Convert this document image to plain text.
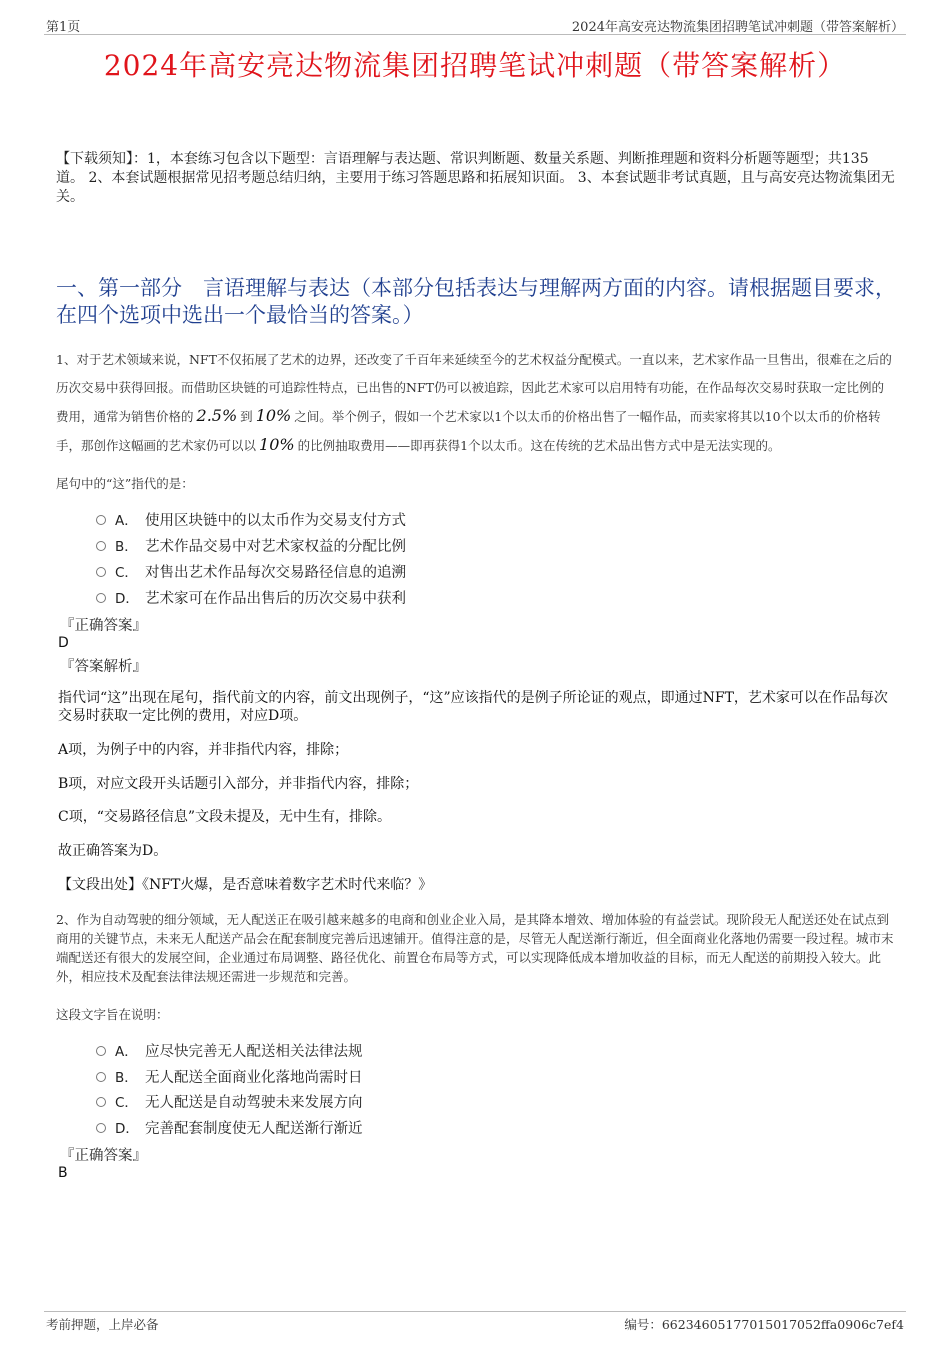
第1页	2024年高安亮达物流集团招聘笔试冲刺题（带答案解析）
2024年高安亮达物流集团招聘笔试冲刺题（带答案解析）
【下载须知】：1，本套练习包含以下题型：言语理解与表达题、常识判断题、数量关系题、判断推理题和资料分析题等题型；共135道。 2、本套试题根据常见招考题总结归纳，主要用于练习答题思路和拓展知识面。 3、本套试题非考试真题，且与高安亮达物流集团无关。
一、第一部分　言语理解与表达（本部分包括表达与理解两方面的内容。请根据题目要求，在四个选项中选出一个最恰当的答案。）
1、对于艺术领域来说，NFT不仅拓展了艺术的边界，还改变了千百年来延续至今的艺术权益分配模式。一直以来，艺术家作品一旦售出，很难在之后的历次交易中获得回报。而借助区块链的可追踪性特点，已出售的NFT仍可以被追踪，因此艺术家可以启用特有功能，在作品每次交易时获取一定比例的费用，通常为销售价格的 2.5% 到 10% 之间。举个例子，假如一个艺术家以1个以太币的价格出售了一幅作品，而卖家将其以10个以太币的价格转手，那创作这幅画的艺术家仍可以以 10% 的比例抽取费用——即再获得1个以太币。这在传统的艺术品出售方式中是无法实现的。
尾句中的“这”指代的是：
A． 使用区块链中的以太币作为交易支付方式
B． 艺术作品交易中对艺术家权益的分配比例
C． 对售出艺术作品每次交易路径信息的追溯
D． 艺术家可在作品出售后的历次交易中获利
『正确答案』
D
『答案解析』
指代词“这”出现在尾句，指代前文的内容，前文出现例子，“这”应该指代的是例子所论证的观点，即通过NFT，艺术家可以在作品每次交易时获取一定比例的费用，对应D项。
A项，为例子中的内容，并非指代内容，排除；
B项，对应文段开头话题引入部分，并非指代内容，排除；
C项，“交易路径信息”文段未提及，无中生有，排除。
故正确答案为D。
【文段出处】《NFT火爆，是否意味着数字艺术时代来临？》
2、作为自动驾驶的细分领域，无人配送正在吸引越来越多的电商和创业企业入局，是其降本增效、增加体验的有益尝试。现阶段无人配送还处在试点到商用的关键节点，未来无人配送产品会在配套制度完善后迅速铺开。值得注意的是，尽管无人配送渐行渐近，但全面商业化落地仍需要一段过程。城市末端配送还有很大的发展空间，企业通过布局调整、路径优化、前置仓布局等方式，可以实现降低成本增加收益的目标，而无人配送的前期投入较大。此外，相应技术及配套法律法规还需进一步规范和完善。
这段文字旨在说明：
A． 应尽快完善无人配送相关法律法规
B． 无人配送全面商业化落地尚需时日
C． 无人配送是自动驾驶未来发展方向
D． 完善配套制度使无人配送渐行渐近
『正确答案』
B
考前押题，上岸必备	编号：66234605177015017052ffa0906c7ef4
